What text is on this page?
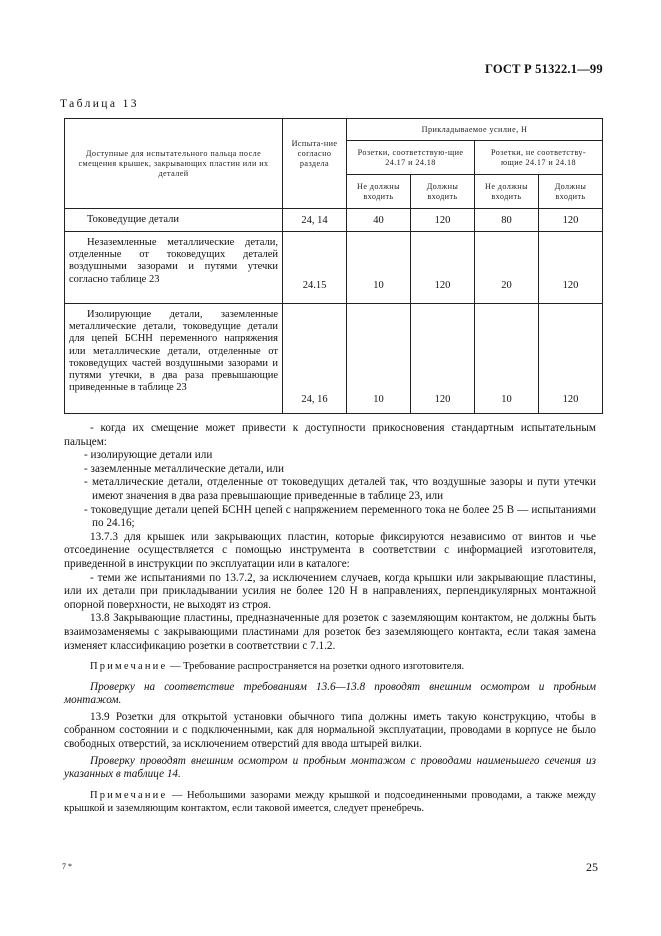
ГОСТ Р 51322.1—99
Таблица 13
Доступные для испытательного пальца после смещения крышек, закрывающих пластин или их деталей	Испыта-ние согласно раздела	Прикладываемое усилие, Н			

		Розетки, соответствую-щие 24.17 и 24.18		Розетки, не соответству-ющие 24.17 и 24.18	

		Не должны входить	Должны входить	Не должны входить	Должны входить

Токоведущие детали	24, 14	40	120	80	120

Незаземленные металлические детали, отделенные от токоведущих деталей воздушными зазорами и путями утечки согласно таблице 23	24.15	10	120	20	120

Изолирующие детали, заземленные металлические детали, токоведущие детали для цепей БСНН переменного напряжения или металлические детали, отделенные от токоведущих частей воздушными зазорами и путями утечки, в два раза превышающие приведенные в таблице 23	24, 16	10	120	10	120

- когда их смещение может привести к доступности прикосновения стандартным испытательным пальцем:

- изолирующие детали или

- заземленные металлические детали, или

- металлические детали, отделенные от токоведущих деталей так, что воздушные зазоры и пути утечки имеют значения в два раза превышающие приведенные в таблице 23, или

- токоведущие детали цепей БСНН цепей с напряжением переменного тока не более 25 В — испытаниями по 24.16;

13.7.3 для крышек или закрывающих пластин, которые фиксируются независимо от винтов и чье отсоединение осуществляется с помощью инструмента в соответствии с информацией изготовителя, приведенной в инструкции по эксплуатации или в каталоге:

- теми же испытаниями по 13.7.2, за исключением случаев, когда крышки или закрывающие пластины, или их детали при прикладывании усилия не более 120 Н в направлениях, перпендикулярных монтажной опорной поверхности, не выходят из строя.

13.8 Закрывающие пластины, предназначенные для розеток с заземляющим контактом, не должны быть взаимозаменяемы с закрывающими пластинами для розеток без заземляющего контакта, если такая замена изменяет классификацию розетки в соответствии с 7.1.2.

Примечание — Требование распространяется на розетки одного изготовителя.

Проверку на соответствие требованиям 13.6—13.8 проводят внешним осмотром и пробным монтажом.

13.9 Розетки для открытой установки обычного типа должны иметь такую конструкцию, чтобы в собранном состоянии и с подключенными, как для нормальной эксплуатации, проводами в корпусе не было свободных отверстий, за исключением отверстий для ввода штырей вилки.

Проверку проводят внешним осмотром и пробным монтажом с проводами наименьшего сечения из указанных в таблице 14.

Примечание — Небольшими зазорами между крышкой и подсоединенными проводами, а также между крышкой и заземляющим контактом, если таковой имеется, следует пренебречь.

7 *	25
